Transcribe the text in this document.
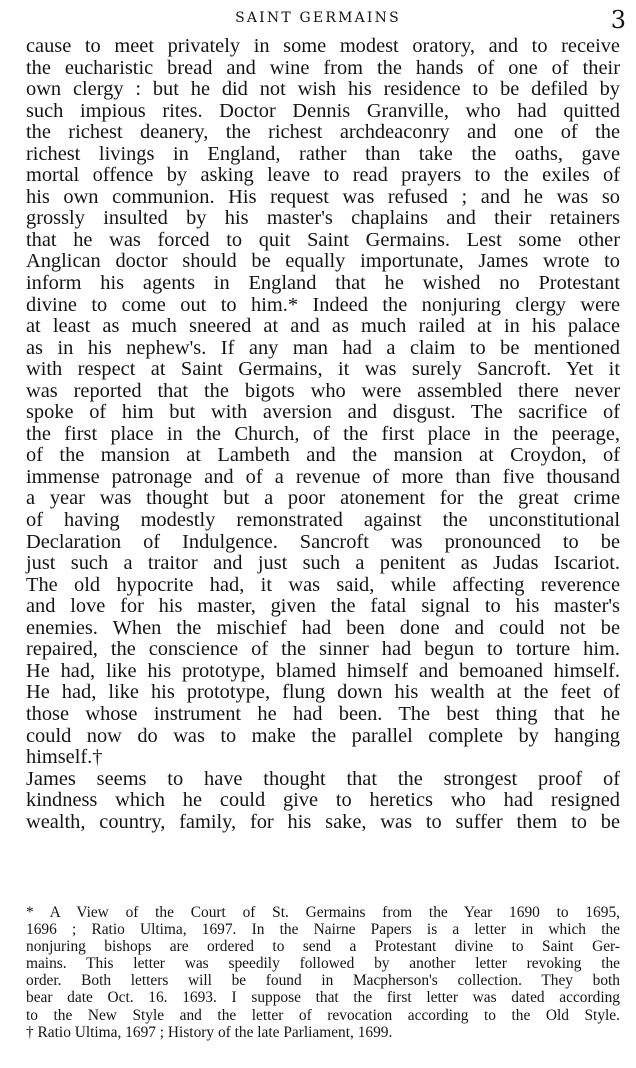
SAINT GERMAINS	3
cause to meet privately in some modest oratory, and to receive
the eucharistic bread and wine from the hands of one of their
own clergy : but he did not wish his residence to be defiled by
such impious rites. Doctor Dennis Granville, who had quitted
the richest deanery, the richest archdeaconry and one of the
richest livings in England, rather than take the oaths, gave
mortal offence by asking leave to read prayers to the exiles of
his own communion. His request was refused ; and he was so
grossly insulted by his master's chaplains and their retainers
that he was forced to quit Saint Germains. Lest some other
Anglican doctor should be equally importunate, James wrote to
inform his agents in England that he wished no Protestant
divine to come out to him.* Indeed the nonjuring clergy were
at least as much sneered at and as much railed at in his palace
as in his nephew's. If any man had a claim to be mentioned
with respect at Saint Germains, it was surely Sancroft. Yet it
was reported that the bigots who were assembled there never
spoke of him but with aversion and disgust. The sacrifice of
the first place in the Church, of the first place in the peerage,
of the mansion at Lambeth and the mansion at Croydon, of
immense patronage and of a revenue of more than five thousand
a year was thought but a poor atonement for the great crime
of having modestly remonstrated against the unconstitutional
Declaration of Indulgence. Sancroft was pronounced to be
just such a traitor and just such a penitent as Judas Iscariot.
The old hypocrite had, it was said, while affecting reverence
and love for his master, given the fatal signal to his master's
enemies. When the mischief had been done and could not be
repaired, the conscience of the sinner had begun to torture him.
He had, like his prototype, blamed himself and bemoaned himself.
He had, like his prototype, flung down his wealth at the feet of
those whose instrument he had been. The best thing that he
could now do was to make the parallel complete by hanging
himself.†
James seems to have thought that the strongest proof of
kindness which he could give to heretics who had resigned
wealth, country, family, for his sake, was to suffer them to be
* A View of the Court of St. Germains from the Year 1690 to 1695,
1696 ; Ratio Ultima, 1697. In the Nairne Papers is a letter in which the
nonjuring bishops are ordered to send a Protestant divine to Saint Ger-
mains. This letter was speedily followed by another letter revoking the
order. Both letters will be found in Macpherson's collection. They both
bear date Oct. 16. 1693. I suppose that the first letter was dated according
to the New Style and the letter of revocation according to the Old Style.
† Ratio Ultima, 1697 ; History of the late Parliament, 1699.
